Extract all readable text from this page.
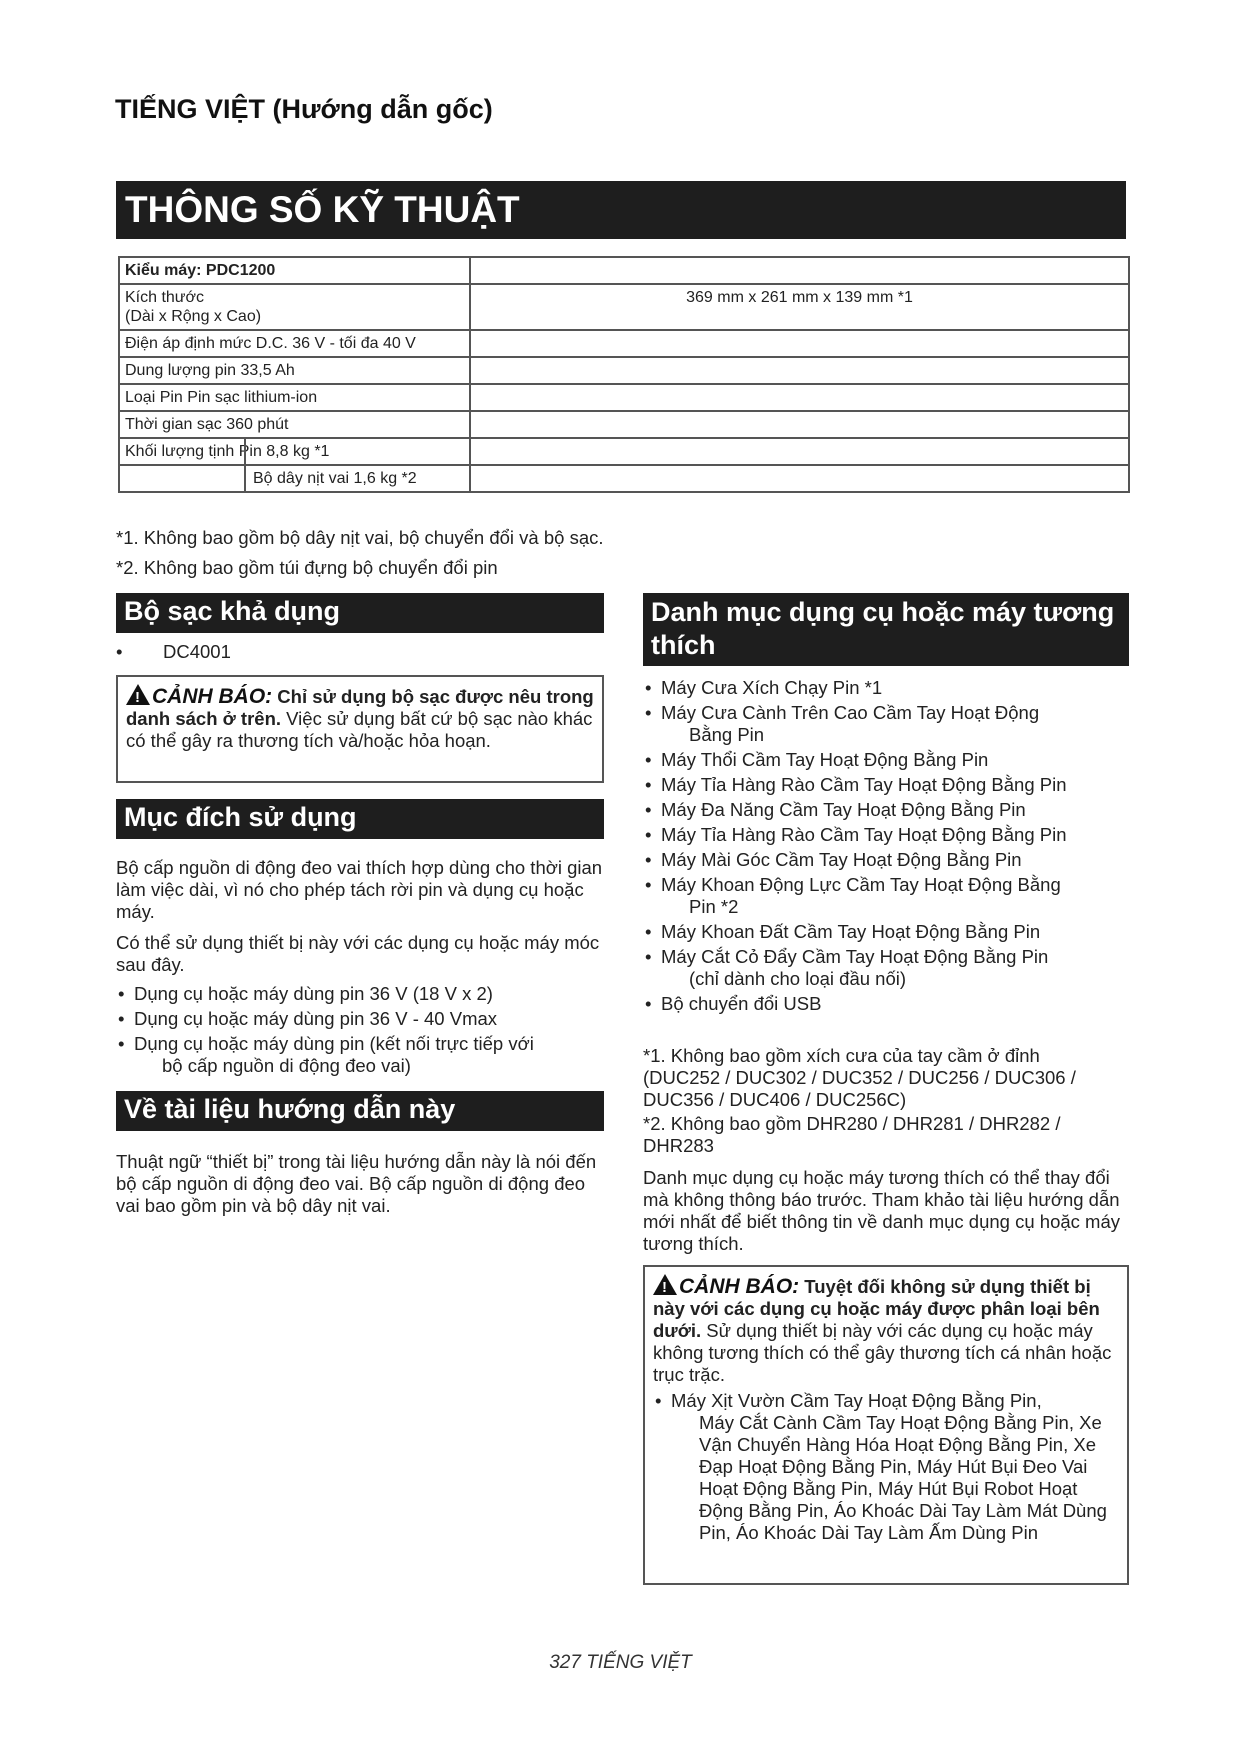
TIẾNG VIỆT (Hướng dẫn gốc)
THÔNG SỐ KỸ THUẬT
Kiểu máy: PDC1200	
Kích thước
(Dài x Rộng x Cao)	369 mm x 261 mm x 139 mm *1
Điện áp định mức D.C. 36 V - tối đa 40 V	
Dung lượng pin 33,5 Ah	
Loại Pin Pin sạc lithium-ion	
Thời gian sạc 360 phút	
Khối lượng tịnh Pin 8,8 kg *1

Bộ dây nịt vai 1,6 kg *2

*1. Không bao gồm bộ dây nịt vai, bộ chuyển đổi và bộ sạc.
*2. Không bao gồm túi đựng bộ chuyển đổi pin
Bộ sạc khả dụng
• DC4001
!CẢNH BÁO: Chỉ sử dụng bộ sạc được nêu trong danh sách ở trên. Việc sử dụng bất cứ bộ sạc nào khác có thể gây ra thương tích và/hoặc hỏa hoạn.
Mục đích sử dụng
Bộ cấp nguồn di động đeo vai thích hợp dùng cho thời gian làm việc dài, vì nó cho phép tách rời pin và dụng cụ hoặc máy.
Có thể sử dụng thiết bị này với các dụng cụ hoặc máy móc sau đây.
• Dụng cụ hoặc máy dùng pin 36 V (18 V x 2)
• Dụng cụ hoặc máy dùng pin 36 V - 40 Vmax
• Dụng cụ hoặc máy dùng pin (kết nối trực tiếp với
bộ cấp nguồn di động đeo vai)
Về tài liệu hướng dẫn này
Thuật ngữ “thiết bị” trong tài liệu hướng dẫn này là nói đến bộ cấp nguồn di động đeo vai. Bộ cấp nguồn di động đeo vai bao gồm pin và bộ dây nịt vai.
Danh mục dụng cụ hoặc máy tương thích
• Máy Cưa Xích Chạy Pin *1
• Máy Cưa Cành Trên Cao Cầm Tay Hoạt Động
Bằng Pin
• Máy Thổi Cầm Tay Hoạt Động Bằng Pin
• Máy Tỉa Hàng Rào Cầm Tay Hoạt Động Bằng Pin
• Máy Đa Năng Cầm Tay Hoạt Động Bằng Pin
• Máy Tỉa Hàng Rào Cầm Tay Hoạt Động Bằng Pin
• Máy Mài Góc Cầm Tay Hoạt Động Bằng Pin
• Máy Khoan Động Lực Cầm Tay Hoạt Động Bằng
Pin *2
• Máy Khoan Đất Cầm Tay Hoạt Động Bằng Pin
• Máy Cắt Cỏ Đẩy Cầm Tay Hoạt Động Bằng Pin
(chỉ dành cho loại đầu nối)
• Bộ chuyển đổi USB
*1. Không bao gồm xích cưa của tay cầm ở đỉnh
(DUC252 / DUC302 / DUC352 / DUC256 / DUC306 / DUC356 / DUC406 / DUC256C)
*2. Không bao gồm DHR280 / DHR281 / DHR282 / DHR283
Danh mục dụng cụ hoặc máy tương thích có thể thay đổi mà không thông báo trước. Tham khảo tài liệu hướng dẫn mới nhất để biết thông tin về danh mục dụng cụ hoặc máy tương thích.
!CẢNH BÁO: Tuyệt đối không sử dụng thiết bị này với các dụng cụ hoặc máy được phân loại bên dưới. Sử dụng thiết bị này với các dụng cụ hoặc máy không tương thích có thể gây thương tích cá nhân hoặc trục trặc.
• Máy Xịt Vườn Cầm Tay Hoạt Động Bằng Pin,
Máy Cắt Cành Cầm Tay Hoạt Động Bằng Pin, Xe Vận Chuyển Hàng Hóa Hoạt Động Bằng Pin, Xe Đạp Hoạt Động Bằng Pin, Máy Hút Bụi Đeo Vai Hoạt Động Bằng Pin, Máy Hút Bụi Robot Hoạt Động Bằng Pin, Áo Khoác Dài Tay Làm Mát Dùng Pin, Áo Khoác Dài Tay Làm Ấm Dùng Pin
327 TIẾNG VIỆT
